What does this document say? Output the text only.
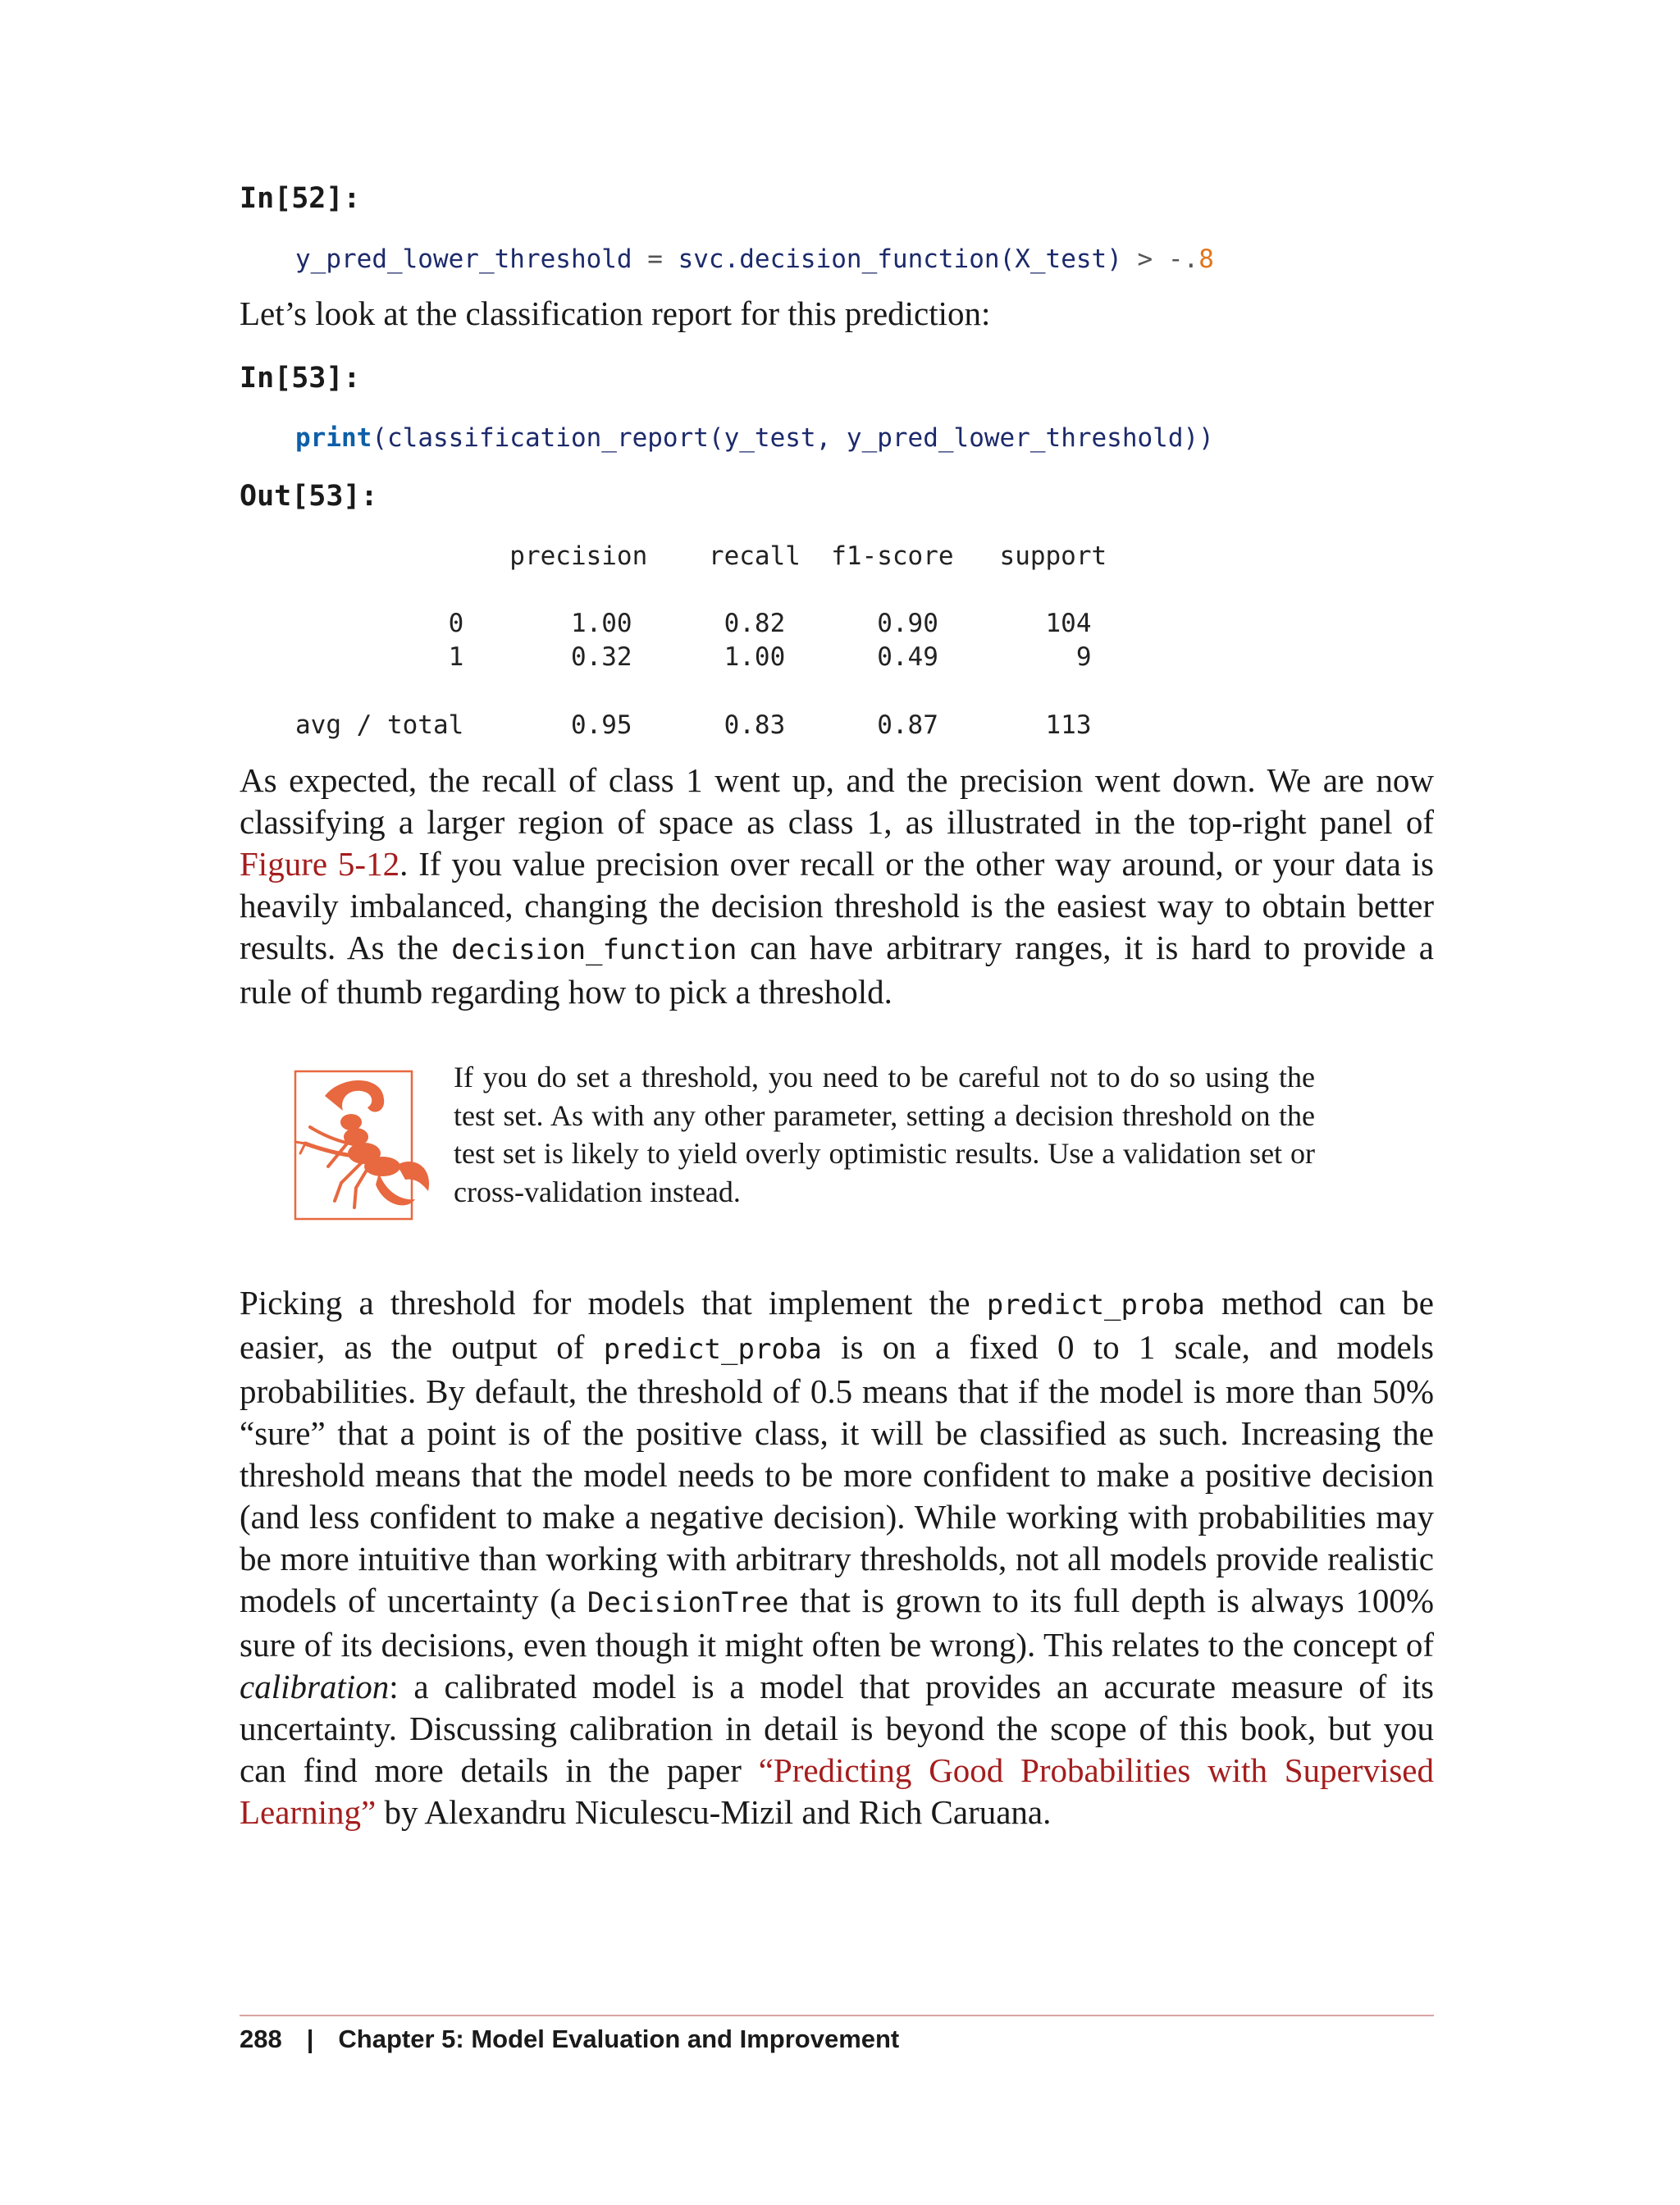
In[52]:
y_pred_lower_threshold = svc.decision_function(X_test) > -.8
Let’s look at the classification report for this prediction:
In[53]:
print(classification_report(y_test, y_pred_lower_threshold))
Out[53]:
precision    recall  f1-score   support
0       1.00      0.82      0.90       104
1       0.32      1.00      0.49         9
avg / total       0.95      0.83      0.87       113

As expected, the recall of class 1 went up, and the precision went down. We are now classifying a larger region of space as class 1, as illustrated in the top-right panel of Figure 5-12. If you value precision over recall or the other way around, or your data is heavily imbalanced, changing the decision threshold is the easiest way to obtain better results. As the decision_function can have arbitrary ranges, it is hard to provide a rule of thumb regarding how to pick a threshold.

If you do set a threshold, you need to be careful not to do so using the test set. As with any other parameter, setting a decision threshold on the test set is likely to yield overly optimistic results. Use a validation set or cross-validation instead.

Picking a threshold for models that implement the predict_proba method can be easier, as the output of predict_proba is on a fixed 0 to 1 scale, and models probabilities. By default, the threshold of 0.5 means that if the model is more than 50% “sure” that a point is of the positive class, it will be classified as such. Increasing the threshold means that the model needs to be more confident to make a positive decision (and less confident to make a negative decision). While working with probabilities may be more intuitive than working with arbitrary thresholds, not all models provide realistic models of uncertainty (a DecisionTree that is grown to its full depth is always 100% sure of its decisions, even though it might often be wrong). This relates to the concept of calibration: a calibrated model is a model that provides an accurate measure of its uncertainty. Discussing calibration in detail is beyond the scope of this book, but you can find more details in the paper “Predicting Good Probabilities with Supervised Learning” by Alexandru Niculescu-Mizil and Rich Caruana.

288 | Chapter 5: Model Evaluation and Improvement
